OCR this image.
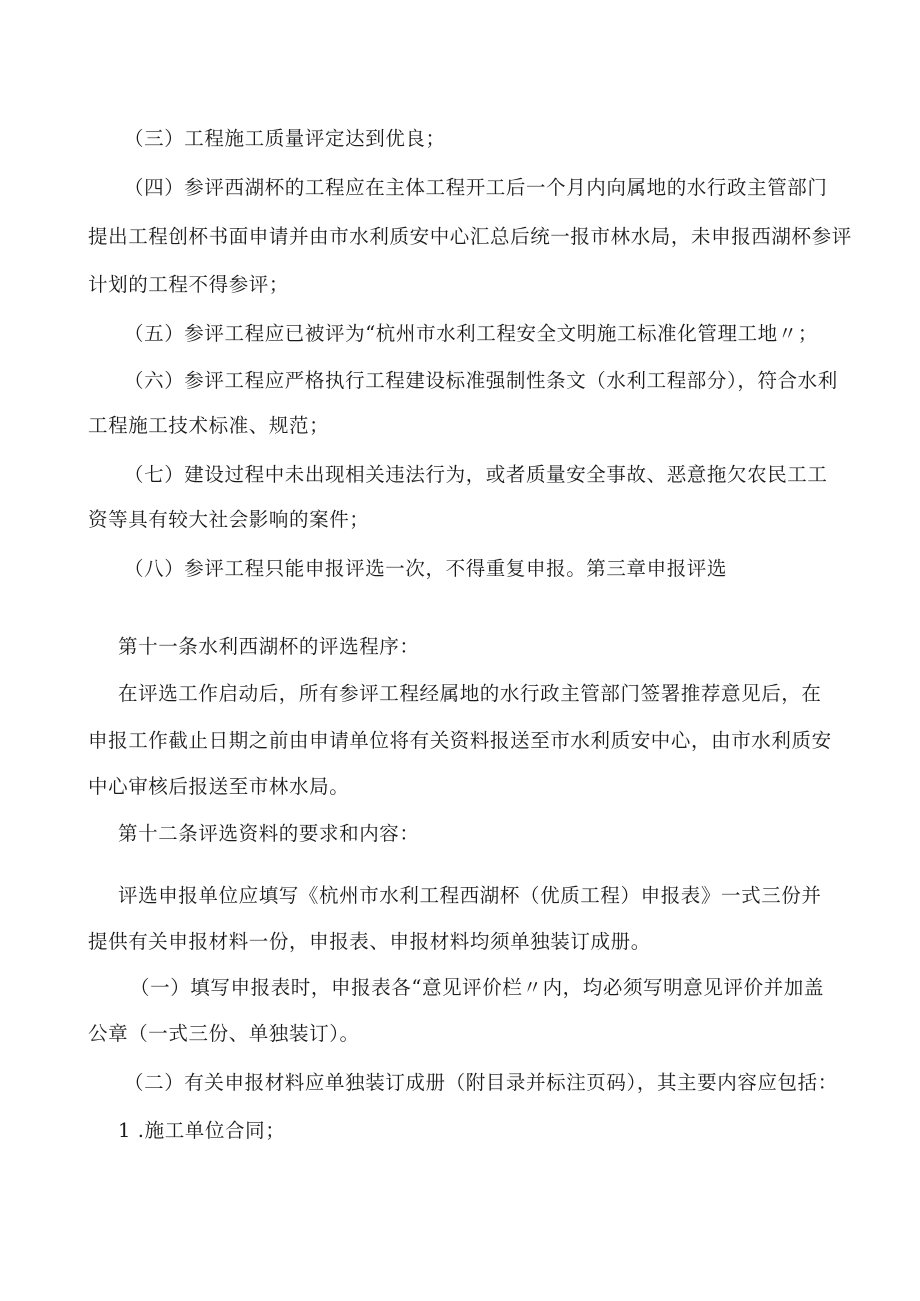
（三）工程施工质量评定达到优良；
（四）参评西湖杯的工程应在主体工程开工后一个月内向属地的水行政主管部门
提出工程创杯书面申请并由市水利质安中心汇总后统一报市林水局，未申报西湖杯参评
计划的工程不得参评；
（五）参评工程应已被评为“杭州市水利工程安全文明施工标准化管理工地〃；
（六）参评工程应严格执行工程建设标准强制性条文（水利工程部分），符合水利
工程施工技术标准、规范；
（七）建设过程中未出现相关违法行为，或者质量安全事故、恶意拖欠农民工工
资等具有较大社会影响的案件；
（八）参评工程只能申报评选一次，不得重复申报。第三章申报评选
第十一条水利西湖杯的评选程序：
在评选工作启动后，所有参评工程经属地的水行政主管部门签署推荐意见后，在
申报工作截止日期之前由申请单位将有关资料报送至市水利质安中心，由市水利质安
中心审核后报送至市林水局。
第十二条评选资料的要求和内容：
评选申报单位应填写《杭州市水利工程西湖杯（优质工程）申报表》一式三份并
提供有关申报材料一份，申报表、申报材料均须单独装订成册。
（一）填写申报表时，申报表各“意见评价栏〃内，均必须写明意见评价并加盖
公章（一式三份、单独装订）。
（二）有关申报材料应单独装订成册（附目录并标注页码），其主要内容应包括：
1 .施工单位合同；
